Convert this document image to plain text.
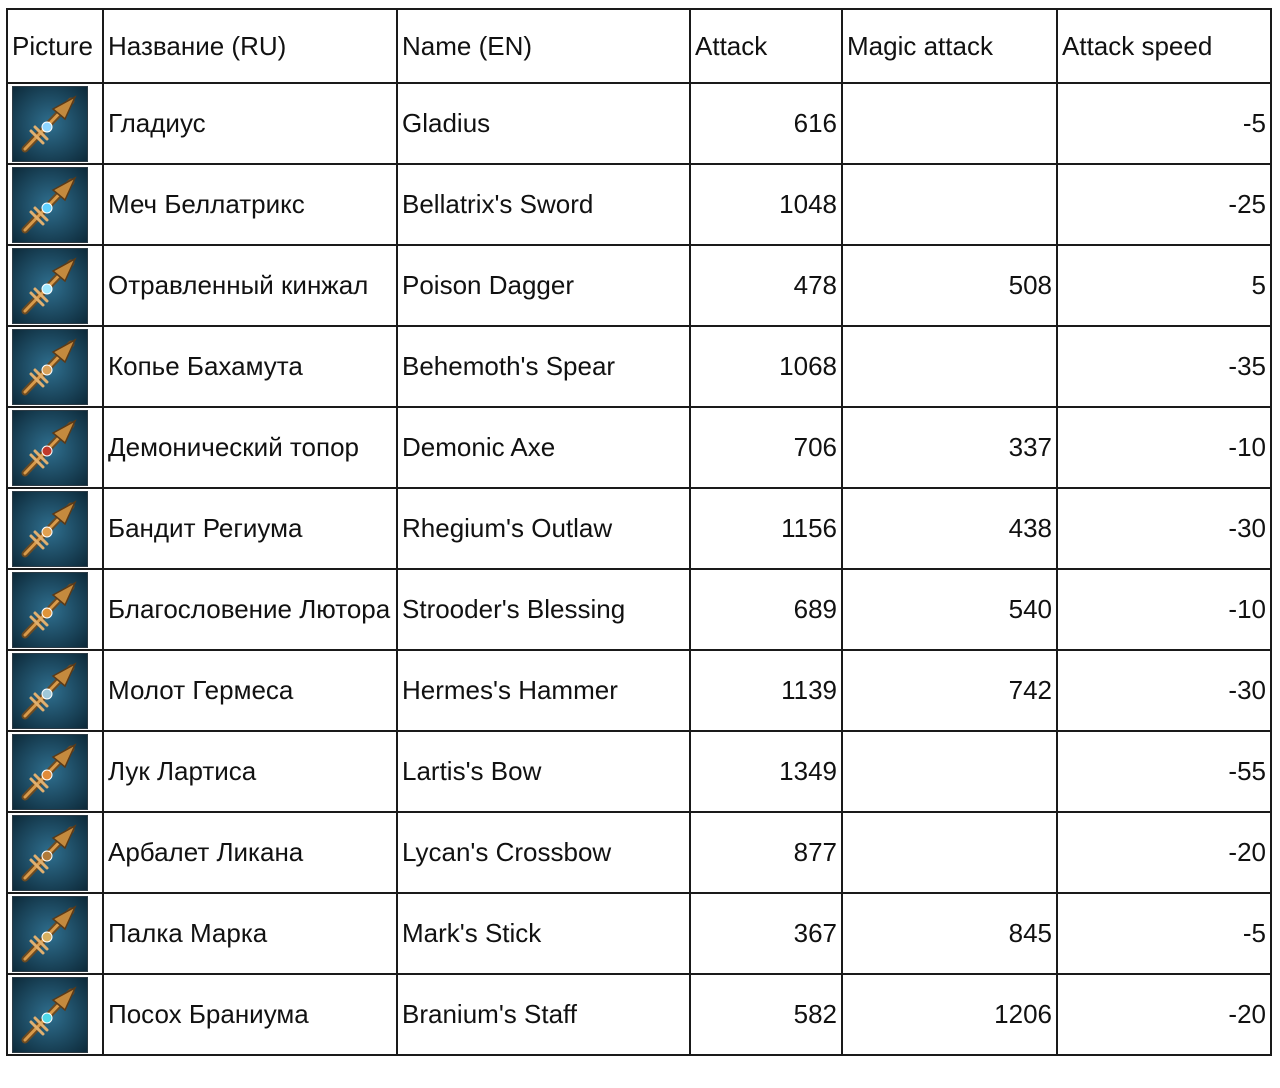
Picture	Название (RU)	Name (EN)	Attack	Magic attack	Attack speed

	Гладиус	Gladius	616		-5

	Меч Беллатрикс	Bellatrix's Sword	1048		-25

	Отравленный кинжал	Poison Dagger	478	508	5

	Копье Бахамута	Behemoth's Spear	1068		-35

	Демонический топор	Demonic Axe	706	337	-10

	Бандит Региума	Rhegium's Outlaw	1156	438	-30

	Благословение Лютора	Strooder's Blessing	689	540	-10

	Молот Гермеса	Hermes's Hammer	1139	742	-30

	Лук Лартиса	Lartis's Bow	1349		-55

	Арбалет Ликана	Lycan's Crossbow	877		-20

	Палка Марка	Mark's Stick	367	845	-5

	Посох Браниума	Branium's Staff	582	1206	-20
